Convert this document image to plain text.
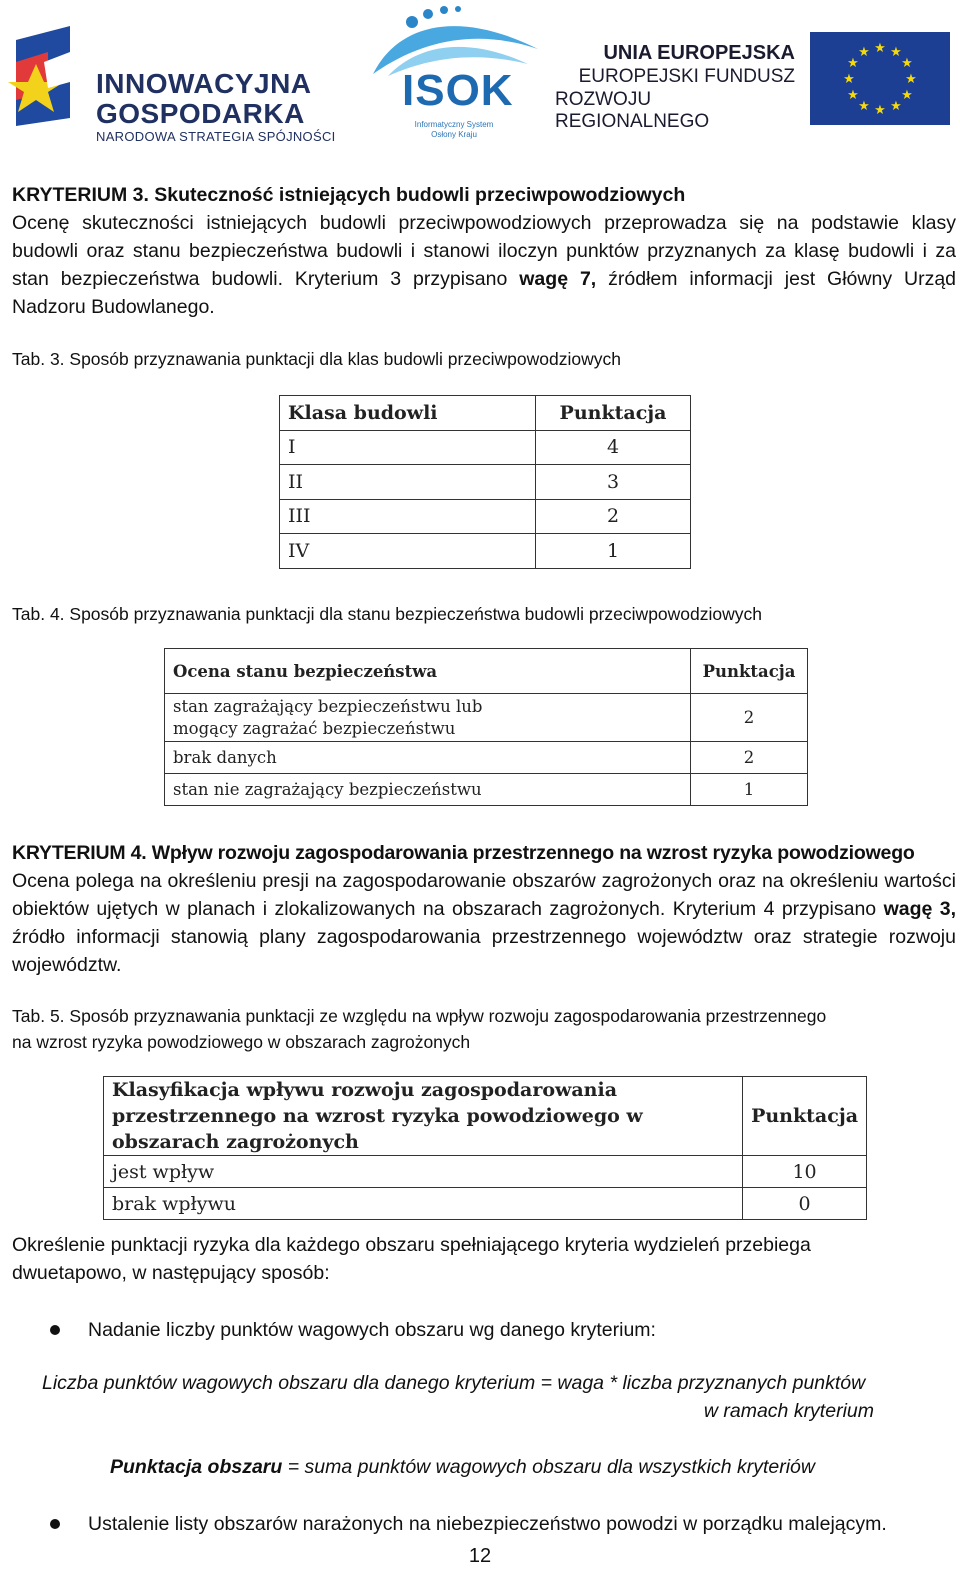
INNOWACYJNA
GOSPODARKA
NARODOWA STRATEGIA SPÓJNOŚCI
ISOK
Informatyczny System
Osłony Kraju
UNIA EUROPEJSKA
EUROPEJSKI FUNDUSZ
ROZWOJU REGIONALNEGO
★ ★
★
★
★
★
★
★
★
★
★
★
KRYTERIUM 3. Skuteczność istniejących budowli przeciwpowodziowych
Ocenę skuteczności istniejących budowli przeciwpowodziowych przeprowadza się na podstawie klasy budowli oraz stanu bezpieczeństwa budowli i stanowi iloczyn punktów przyznanych za klasę budowli i za stan bezpieczeństwa budowli. Kryterium 3 przypisano wagę 7, źródłem informacji jest Główny Urząd Nadzoru Budowlanego.
Tab. 3. Sposób przyznawania punktacji dla klas budowli przeciwpowodziowych
Klasa budowli	Punktacja
I	4
II	3
III	2
IV	1
Tab. 4. Sposób przyznawania punktacji dla stanu bezpieczeństwa budowli przeciwpowodziowych
Ocena stanu bezpieczeństwa	Punktacja
stan zagrażający bezpieczeństwu lub mogący zagrażać bezpieczeństwu	2
brak danych	2
stan nie zagrażający bezpieczeństwu	1
KRYTERIUM 4. Wpływ rozwoju zagospodarowania przestrzennego na wzrost ryzyka powodziowego
Ocena polega na określeniu presji na zagospodarowanie obszarów zagrożonych oraz na określeniu wartości obiektów ujętych w planach i zlokalizowanych na obszarach zagrożonych. Kryterium 4 przypisano wagę 3, źródło informacji stanowią plany zagospodarowania przestrzennego województw oraz strategie rozwoju województw.
Tab. 5. Sposób przyznawania punktacji ze względu na wpływ rozwoju zagospodarowania przestrzennego
na wzrost ryzyka powodziowego w obszarach zagrożonych
Klasyfikacja wpływu rozwoju zagospodarowania przestrzennego na wzrost ryzyka powodziowego w obszarach zagrożonych	Punktacja
jest wpływ	10
brak wpływu	0
Określenie punktacji ryzyka dla każdego obszaru spełniającego kryteria wydzieleń przebiega dwuetapowo, w następujący sposób:
Nadanie liczby punktów wagowych obszaru wg danego kryterium:
Liczba punktów wagowych obszaru dla danego kryterium = waga * liczba przyznanych punktów
w ramach kryterium
Punktacja obszaru = suma punktów wagowych obszaru dla wszystkich kryteriów
Ustalenie listy obszarów narażonych na niebezpieczeństwo powodzi w porządku malejącym.
12
